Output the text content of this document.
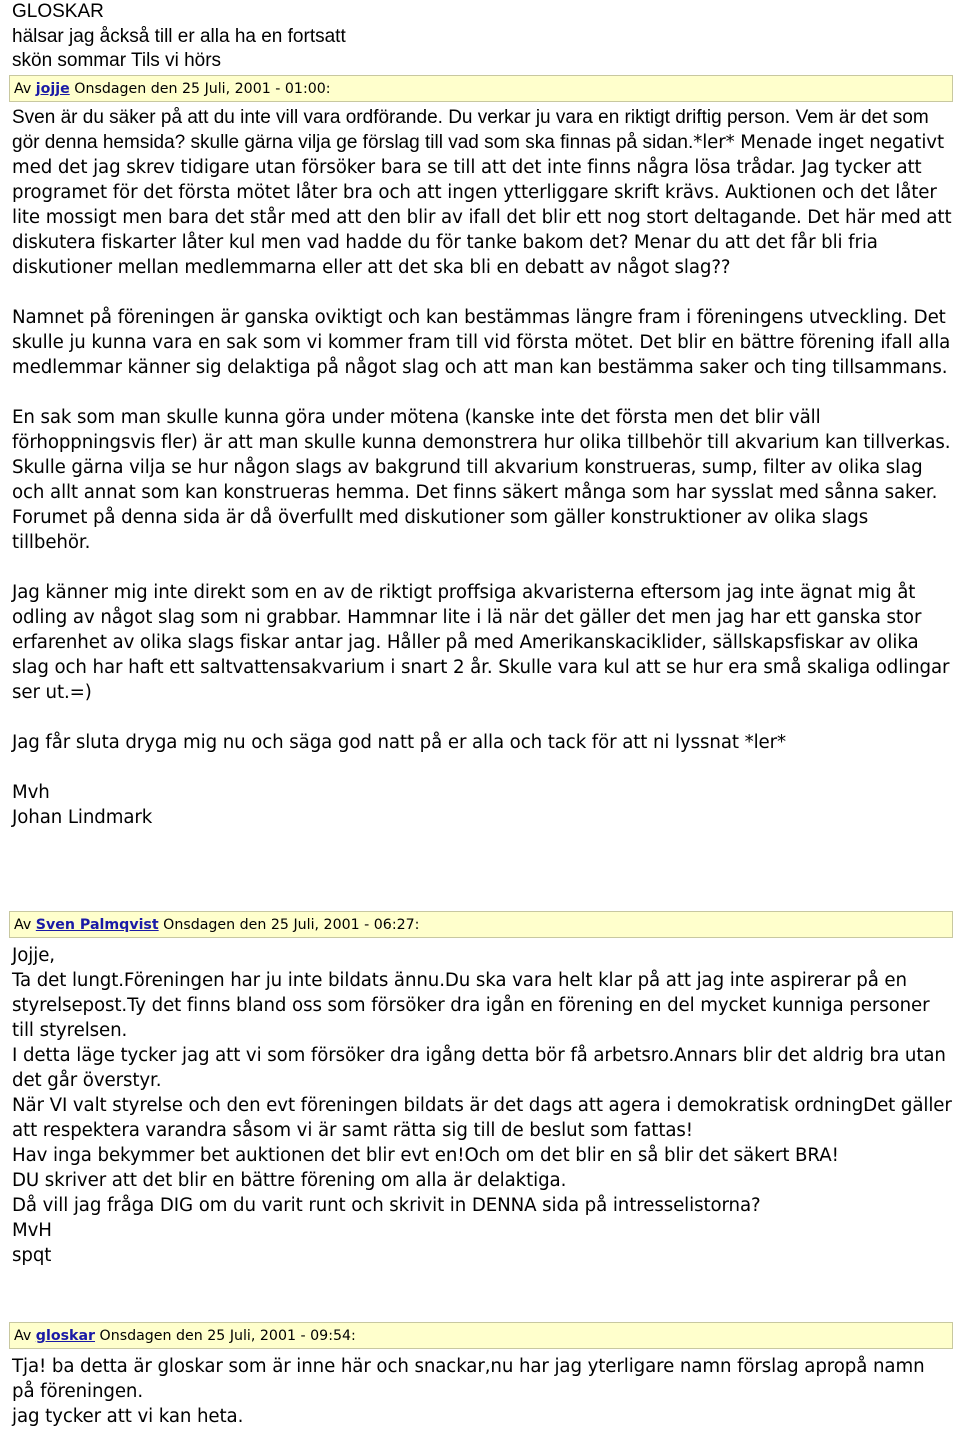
GLOSKAR

hälsar jag åckså till er alla ha en fortsatt

skön sommar Tils vi hörs

Av jojje Onsdagen den 25 Juli, 2001 - 01:00:

Sven är du säker på att du inte vill vara ordförande. Du verkar ju vara en riktigt driftig person. Vem är det som gör denna hemsida? skulle gärna vilja ge förslag till vad som ska finnas på sidan.*ler* Menade inget negativt med det jag skrev tidigare utan försöker bara se till att det inte finns några lösa trådar. Jag tycker att programet för det första mötet låter bra och att ingen ytterliggare skrift krävs. Auktionen och det låter lite mossigt men bara det står med att den blir av ifall det blir ett nog stort deltagande. Det här med att diskutera fiskarter låter kul men vad hadde du för tanke bakom det? Menar du att det får bli fria diskutioner mellan medlemmarna eller att det ska bli en debatt av något slag??

Namnet på föreningen är ganska oviktigt och kan bestämmas längre fram i föreningens utveckling. Det skulle ju kunna vara en sak som vi kommer fram till vid första mötet. Det blir en bättre förening ifall alla medlemmar känner sig delaktiga på något slag och att man kan bestämma saker och ting tillsammans.

En sak som man skulle kunna göra under mötena (kanske inte det första men det blir väll förhoppningsvis fler) är att man skulle kunna demonstrera hur olika tillbehör till akvarium kan tillverkas. Skulle gärna vilja se hur någon slags av bakgrund till akvarium konstrueras, sump, filter av olika slag och allt annat som kan konstrueras hemma. Det finns säkert många som har sysslat med sånna saker. Forumet på denna sida är då överfullt med diskutioner som gäller konstruktioner av olika slags tillbehör.

Jag känner mig inte direkt som en av de riktigt proffsiga akvaristerna eftersom jag inte ägnat mig åt odling av något slag som ni grabbar. Hammnar lite i lä när det gäller det men jag har ett ganska stor erfarenhet av olika slags fiskar antar jag. Håller på med Amerikanskaciklider, sällskapsfiskar av olika slag och har haft ett saltvattensakvarium i snart 2 år. Skulle vara kul att se hur era små skaliga odlingar ser ut.=)

Jag får sluta dryga mig nu och säga god natt på er alla och tack för att ni lyssnat *ler*

Mvh

Johan Lindmark

Av Sven Palmqvist Onsdagen den 25 Juli, 2001 - 06:27:

Jojje,

Ta det lungt.Föreningen har ju inte bildats ännu.Du ska vara helt klar på att jag inte aspirerar på en styrelsepost.Ty det finns bland oss som försöker dra igån en förening en del mycket kunniga personer till styrelsen.

I detta läge tycker jag att vi som försöker dra igång detta bör få arbetsro.Annars blir det aldrig bra utan det går överstyr.

När VI valt styrelse och den evt föreningen bildats är det dags att agera i demokratisk ordningDet gäller att respektera varandra såsom vi är samt rätta sig till de beslut som fattas!

Hav inga bekymmer bet auktionen det blir evt en!Och om det blir en så blir det säkert BRA!

DU skriver att det blir en bättre förening om alla är delaktiga.

Då vill jag fråga DIG om du varit runt och skrivit in DENNA sida på intresselistorna?

MvH

spqt

Av gloskar Onsdagen den 25 Juli, 2001 - 09:54:

Tja! ba detta är gloskar som är inne här och snackar,nu har jag yterligare namn förslag apropå namn på föreningen.

jag tycker att vi kan heta.
